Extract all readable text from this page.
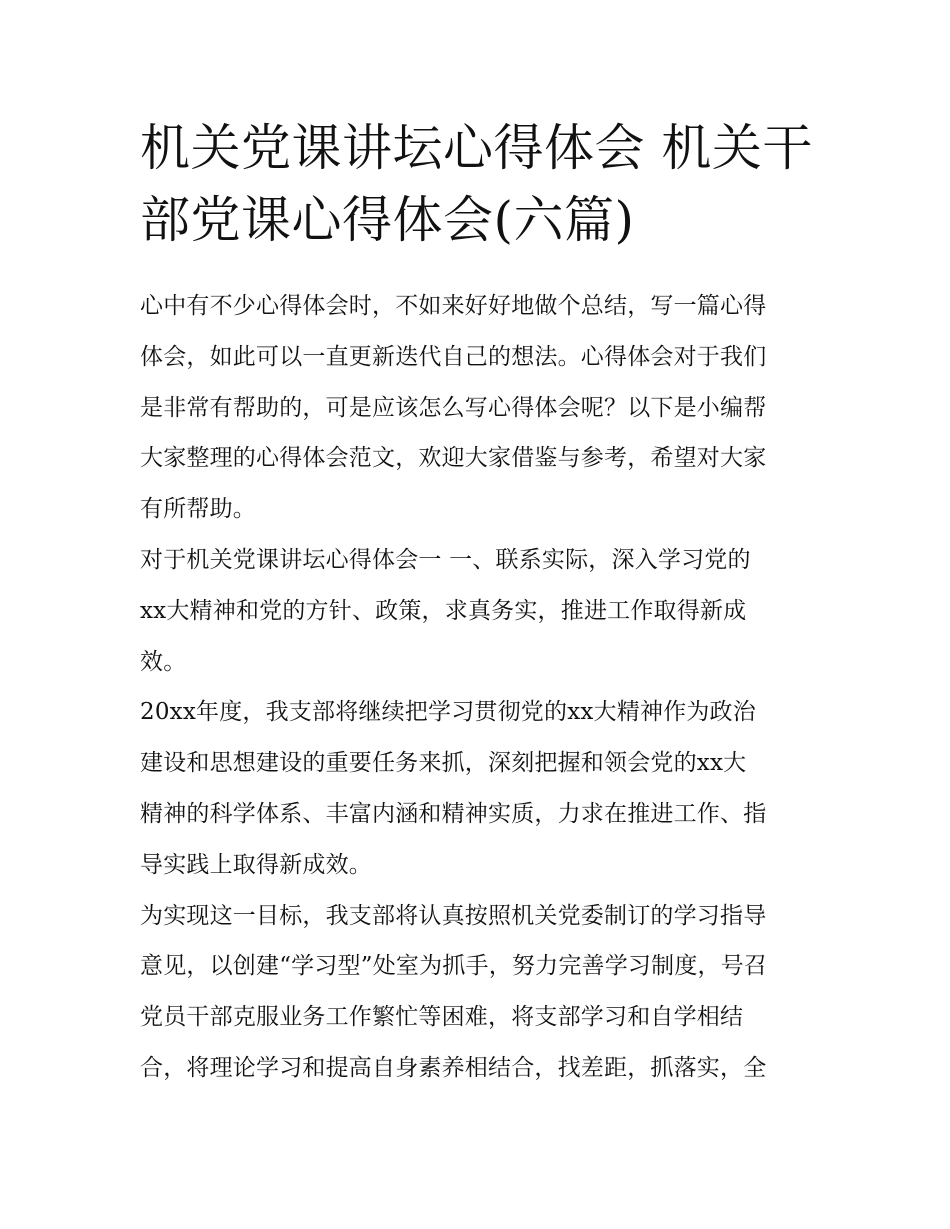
机关党课讲坛心得体会 机关干
部党课心得体会(六篇)

心中有不少心得体会时，不如来好好地做个总结，写一篇心得
体会，如此可以一直更新迭代自己的想法。心得体会对于我们
是非常有帮助的，可是应该怎么写心得体会呢？以下是小编帮
大家整理的心得体会范文，欢迎大家借鉴与参考，希望对大家
有所帮助。

对于机关党课讲坛心得体会一 一、联系实际，深入学习党的
xx大精神和党的方针、政策，求真务实，推进工作取得新成
效。

20xx年度，我支部将继续把学习贯彻党的xx大精神作为政治
建设和思想建设的重要任务来抓，深刻把握和领会党的xx大
精神的科学体系、丰富内涵和精神实质，力求在推进工作、指
导实践上取得新成效。

为实现这一目标，我支部将认真按照机关党委制订的学习指导
意见，以创建“学习型”处室为抓手，努力完善学习制度，号召
党员干部克服业务工作繁忙等困难，将支部学习和自学相结
合，将理论学习和提高自身素养相结合，找差距，抓落实，全
